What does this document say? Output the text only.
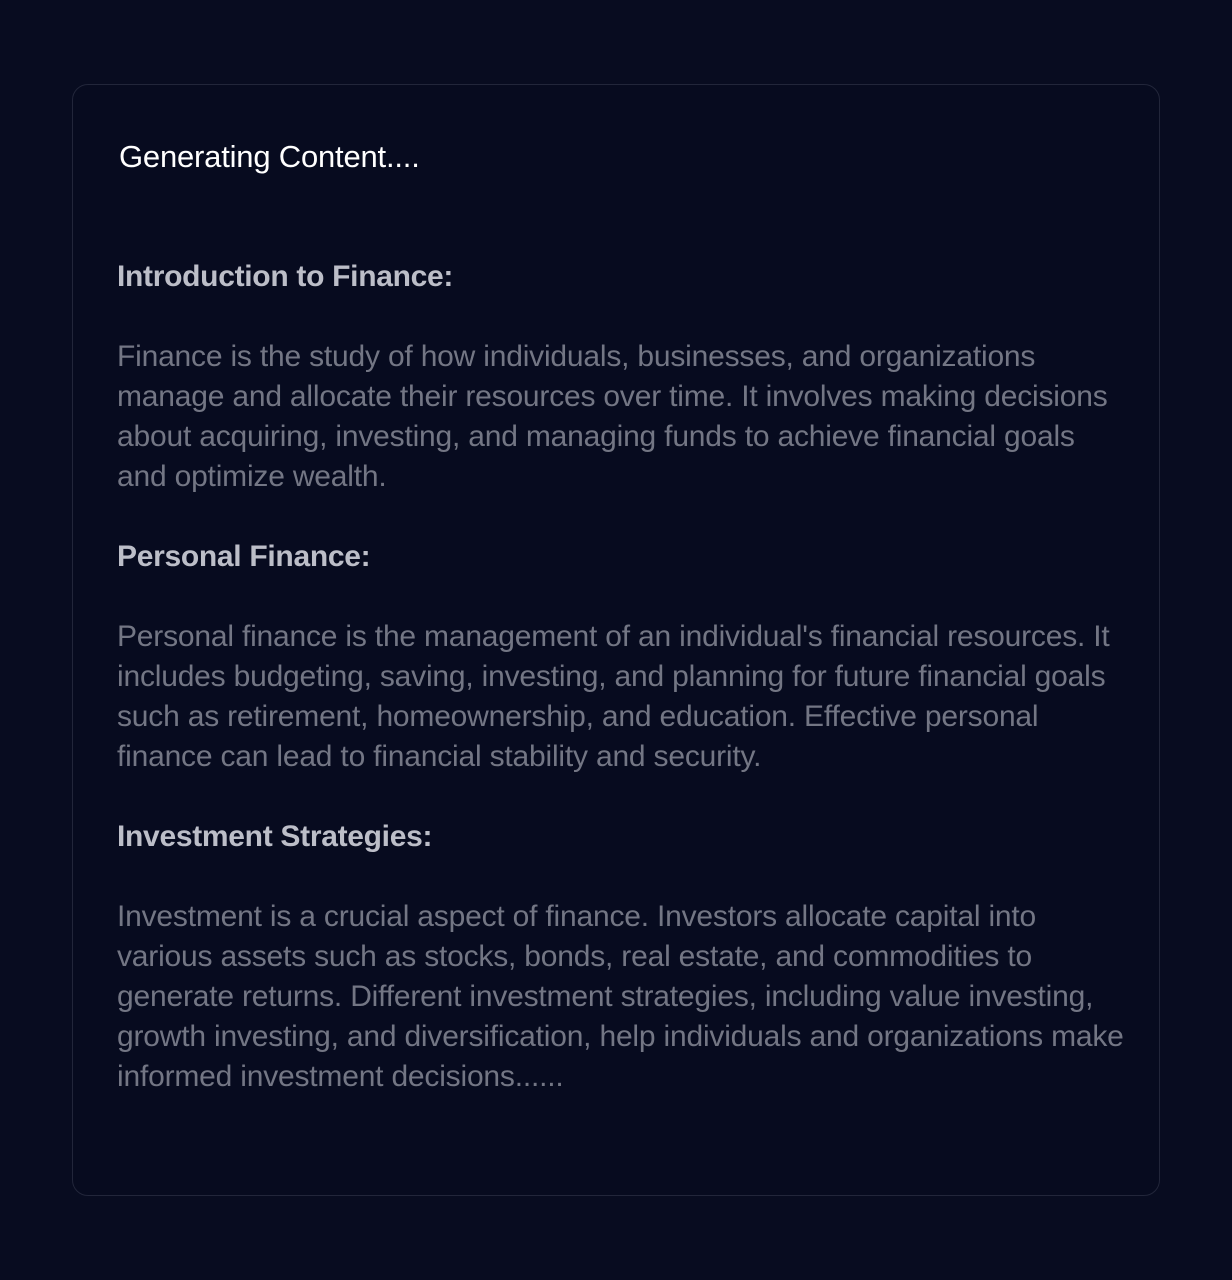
Generating Content....

Introduction to Finance:

Finance is the study of how individuals, businesses, and organizations manage and allocate their resources over time. It involves making decisions about acquiring, investing, and managing funds to achieve financial goals and optimize wealth.

Personal Finance:

Personal finance is the management of an individual's financial resources. It includes budgeting, saving, investing, and planning for future financial goals such as retirement, homeownership, and education. Effective personal finance can lead to financial stability and security.

Investment Strategies:

Investment is a crucial aspect of finance. Investors allocate capital into various assets such as stocks, bonds, real estate, and commodities to generate returns. Different investment strategies, including value investing, growth investing, and diversification, help individuals and organizations make informed investment decisions......
